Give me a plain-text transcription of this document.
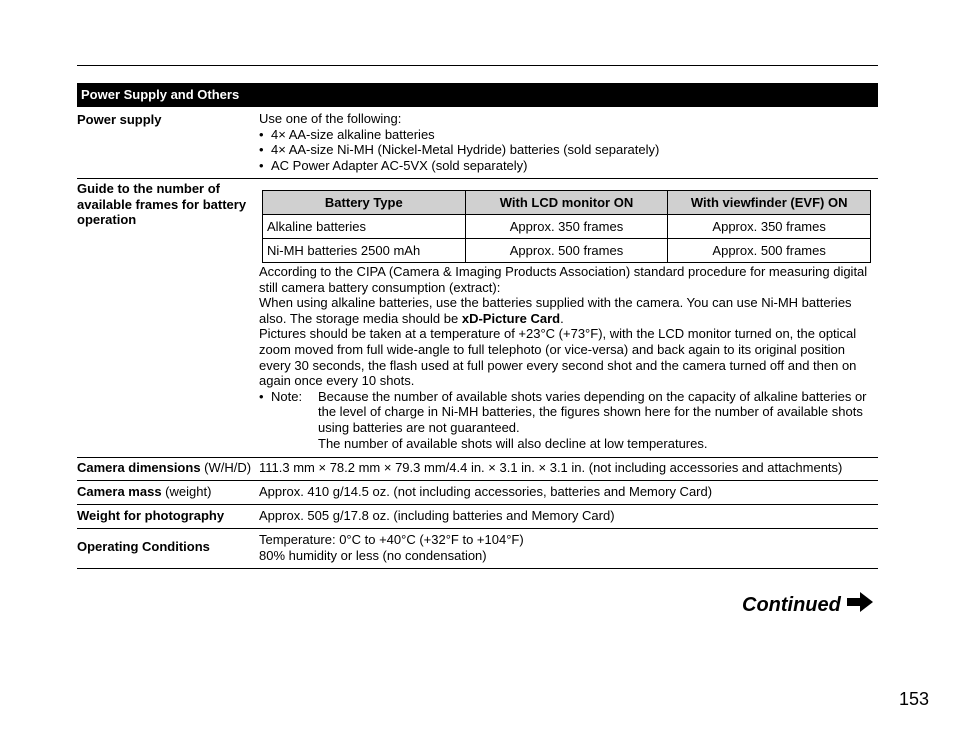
Power Supply and Others
Power supply	Use one of the following:
• 4× AA-size alkaline batteries
• 4× AA-size Ni-MH (Nickel-Metal Hydride) batteries (sold separately)
• AC Power Adapter AC-5VX (sold separately)
Guide to the number of available frames for battery operation
Battery Type	With LCD monitor ON	With viewfinder (EVF) ON
Alkaline batteries	Approx. 350 frames	Approx. 350 frames
Ni-MH batteries 2500 mAh	Approx. 500 frames	Approx. 500 frames
According to the CIPA (Camera & Imaging Products Association) standard procedure for measuring digital still camera battery consumption (extract):
When using alkaline batteries, use the batteries supplied with the camera. You can use Ni-MH batteries also. The storage media should be xD-Picture Card.
Pictures should be taken at a temperature of +23°C (+73°F), with the LCD monitor turned on, the optical zoom moved from full wide-angle to full telephoto (or vice-versa) and back again to its original position every 30 seconds, the flash used at full power every second shot and the camera turned off and then on again once every 10 shots.
• Note: Because the number of available shots varies depending on the capacity of alkaline batteries or the level of charge in Ni-MH batteries, the figures shown here for the number of available shots using batteries are not guaranteed.
The number of available shots will also decline at low temperatures.
Camera dimensions (W/H/D) 111.3 mm × 78.2 mm × 79.3 mm/4.4 in. × 3.1 in. × 3.1 in. (not including accessories and attachments)
Camera mass (weight)	Approx. 410 g/14.5 oz. (not including accessories, batteries and Memory Card)
Weight for photography	Approx. 505 g/17.8 oz. (including batteries and Memory Card)
Operating Conditions	Temperature: 0°C to +40°C (+32°F to +104°F)
80% humidity or less (no condensation)
Continued
153
